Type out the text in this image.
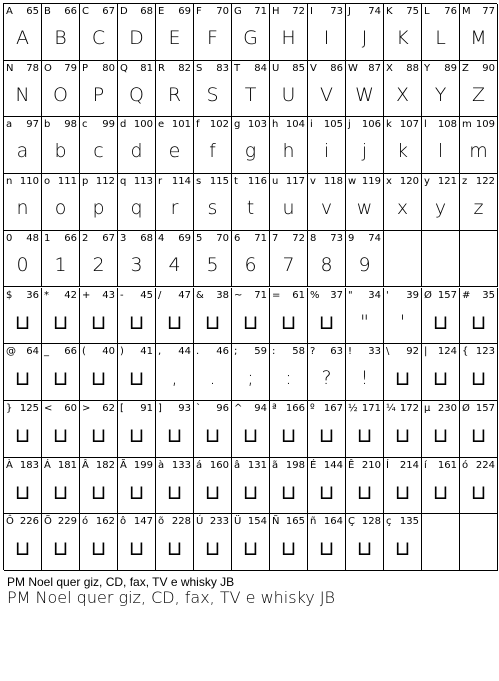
A 65
A
B 66
B
C 67
C
D 68
D
E 69
E
F 70
F
G 71
G
H 72
H
I 73
I
J 74
J
K 75
K
L 76
L
M 77
M
N 78
N
O 79
O
P 80
P
Q 81
Q
R 82
R
S 83
S
T 84
T
U 85
U
V 86
V
W 87
W
X 88
X
Y 89
Y
Z 90
Z
a 97
a
b 98
b
c 99
c
d 100
d
e 101
e
f 102
f
g 103
g
h 104
h
i 105
i
j 106
j
k 107
k
l 108
l
m 109
m
n 110
n
o 111
o
p 112
p
q 113
q
r 114
r
s 115
s
t 116
t
u 117
u
v 118
v
w 119
w
x 120
x
y 121
y
z 122
z
0 48
0
1 66
1
2 67
2
3 68
3
4 69
4
5 70
5
6 71
6
7 72
7
8 73
8
9 74
9
$ 36
⊔
* 42
⊔
+ 43
⊔
- 45
⊔
/ 47
⊔
& 38
⊔
~ 71
⊔
= 61
⊔
% 37
⊔
" 34
"
' 39
'
Ø 157
⊔
# 35
⊔
@ 64
⊔
_ 66
⊔
( 40
⊔
) 41
⊔
, 44
,
. 46
.
; 59
;
: 58
:
? 63
?
! 33
!
\ 92
⊔
| 124
⊔
{ 123
⊔
} 125
⊔
< 60
⊔
> 62
⊔
[ 91
⊔
] 93
⊔
` 96
⊔
^ 94
⊔
ª 166
⊔
º 167
⊔
½ 171
⊔
¼ 172
⊔
µ 230
⊔
Ø 157
⊔
À 183
⊔
Á 181
⊔
Â 182
⊔
Ã 199
⊔
à 133
⊔
á 160
⊔
â 131
⊔
ã 198
⊔
É 144
⊔
Ê 210
⊔
Í 214
⊔
í 161
⊔
ó 224
⊔
Ô 226
⊔
Õ 229
⊔
ó 162
⊔
ô 147
⊔
õ 228
⊔
Ú 233
⊔
Ü 154
⊔
Ñ 165
⊔
ñ 164
⊔
Ç 128
⊔
ç 135
⊔
PM Noel quer giz, CD, fax, TV e whisky JB
PM Noel quer giz, CD, fax, TV e whisky JB
